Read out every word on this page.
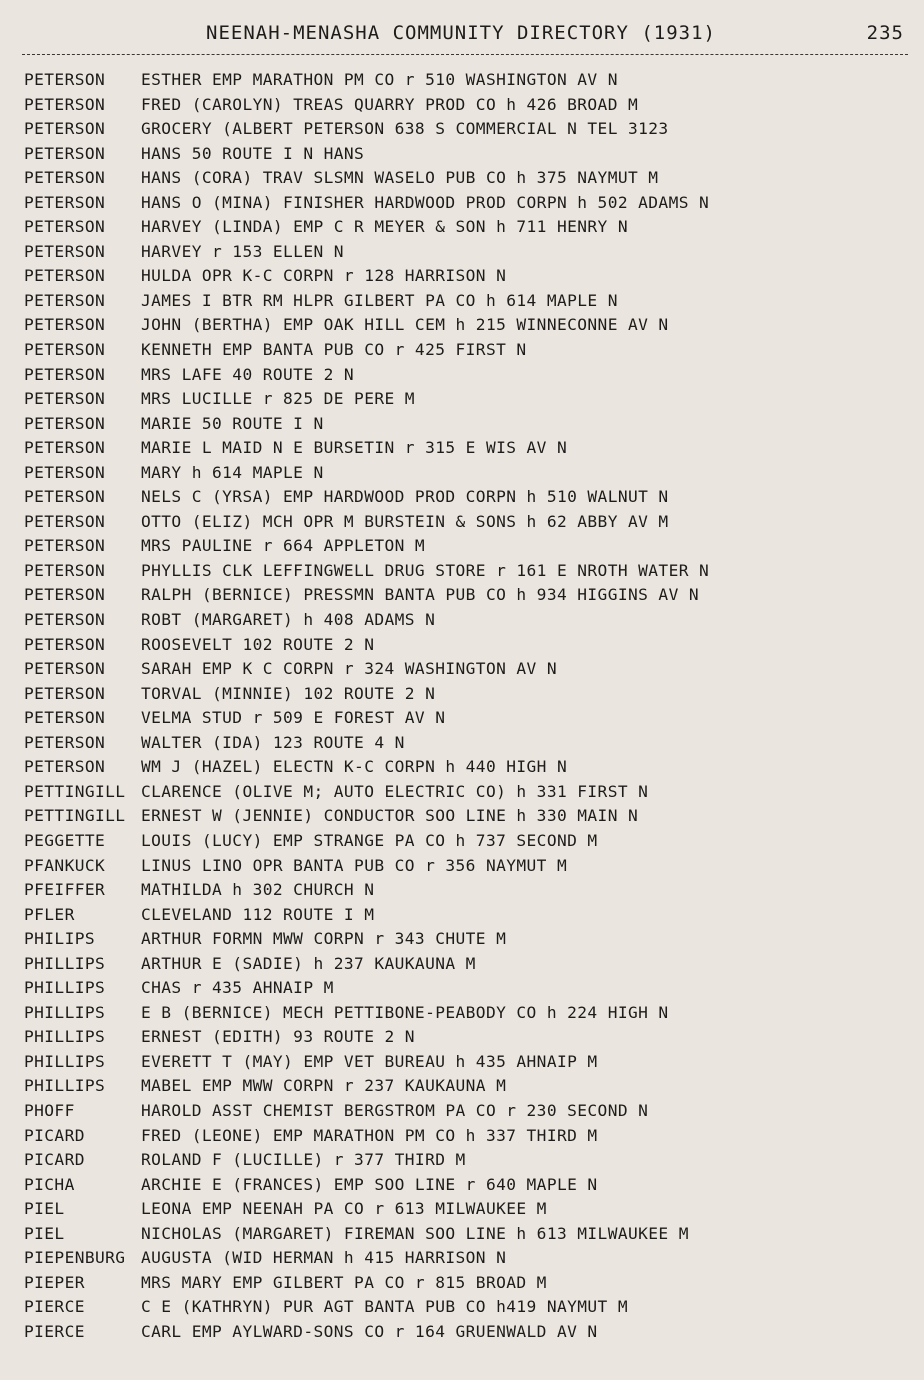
NEENAH-MENASHA COMMUNITY DIRECTORY (1931)	235
PETERSON ESTHER EMP MARATHON PM CO r 510 WASHINGTON AV N
PETERSON FRED (CAROLYN) TREAS QUARRY PROD CO h 426 BROAD M
PETERSON GROCERY (ALBERT PETERSON 638 S COMMERCIAL N TEL 3123
PETERSON HANS 50 ROUTE I N HANS
PETERSON HANS (CORA) TRAV SLSMN WASELO PUB CO h 375 NAYMUT M
PETERSON HANS O (MINA) FINISHER HARDWOOD PROD CORPN h 502 ADAMS N
PETERSON HARVEY (LINDA) EMP C R MEYER & SON h 711 HENRY N
PETERSON HARVEY r 153 ELLEN N
PETERSON HULDA OPR K-C CORPN r 128 HARRISON N
PETERSON JAMES I BTR RM HLPR GILBERT PA CO h 614 MAPLE N
PETERSON JOHN (BERTHA) EMP OAK HILL CEM h 215 WINNECONNE AV N
PETERSON KENNETH EMP BANTA PUB CO r 425 FIRST N
PETERSON MRS LAFE 40 ROUTE 2 N
PETERSON MRS LUCILLE r 825 DE PERE M
PETERSON MARIE 50 ROUTE I N
PETERSON MARIE L MAID N E BURSETIN r 315 E WIS AV N
PETERSON MARY h 614 MAPLE N
PETERSON NELS C (YRSA) EMP HARDWOOD PROD CORPN h 510 WALNUT N
PETERSON OTTO (ELIZ) MCH OPR M BURSTEIN & SONS h 62 ABBY AV M
PETERSON MRS PAULINE r 664 APPLETON M
PETERSON PHYLLIS CLK LEFFINGWELL DRUG STORE r 161 E NROTH WATER N
PETERSON RALPH (BERNICE) PRESSMN BANTA PUB CO h 934 HIGGINS AV N
PETERSON ROBT (MARGARET) h 408 ADAMS N
PETERSON ROOSEVELT 102 ROUTE 2 N
PETERSON SARAH EMP K C CORPN r 324 WASHINGTON AV N
PETERSON TORVAL (MINNIE) 102 ROUTE 2 N
PETERSON VELMA STUD r 509 E FOREST AV N
PETERSON WALTER (IDA) 123 ROUTE 4 N
PETERSON WM J (HAZEL) ELECTN K-C CORPN h 440 HIGH N
PETTINGILL CLARENCE (OLIVE M; AUTO ELECTRIC CO) h 331 FIRST N
PETTINGILL ERNEST W (JENNIE) CONDUCTOR SOO LINE h 330 MAIN N
PEGGETTE LOUIS (LUCY) EMP STRANGE PA CO h 737 SECOND M
PFANKUCK LINUS LINO OPR BANTA PUB CO r 356 NAYMUT M
PFEIFFER MATHILDA h 302 CHURCH N
PFLER	CLEVELAND 112 ROUTE I M
PHILIPS	ARTHUR FORMN MWW CORPN r 343 CHUTE M
PHILLIPS ARTHUR E (SADIE) h 237 KAUKAUNA M
PHILLIPS CHAS r 435 AHNAIP M
PHILLIPS E B (BERNICE) MECH PETTIBONE-PEABODY CO h 224 HIGH N
PHILLIPS ERNEST (EDITH) 93 ROUTE 2 N
PHILLIPS EVERETT T (MAY) EMP VET BUREAU h 435 AHNAIP M
PHILLIPS MABEL EMP MWW CORPN r 237 KAUKAUNA M
PHOFF	HAROLD ASST CHEMIST BERGSTROM PA CO r 230 SECOND N
PICARD	FRED (LEONE) EMP MARATHON PM CO h 337 THIRD M
PICARD	ROLAND F (LUCILLE) r 377 THIRD M
PICHA	ARCHIE E (FRANCES) EMP SOO LINE r 640 MAPLE N
PIEL	LEONA EMP NEENAH PA CO r 613 MILWAUKEE M
PIEL	NICHOLAS (MARGARET) FIREMAN SOO LINE h 613 MILWAUKEE M
PIEPENBURG AUGUSTA (WID HERMAN h 415 HARRISON N
PIEPER	MRS MARY EMP GILBERT PA CO r 815 BROAD M
PIERCE	C E (KATHRYN) PUR AGT BANTA PUB CO h419 NAYMUT M
PIERCE	CARL EMP AYLWARD-SONS CO r 164 GRUENWALD AV N
